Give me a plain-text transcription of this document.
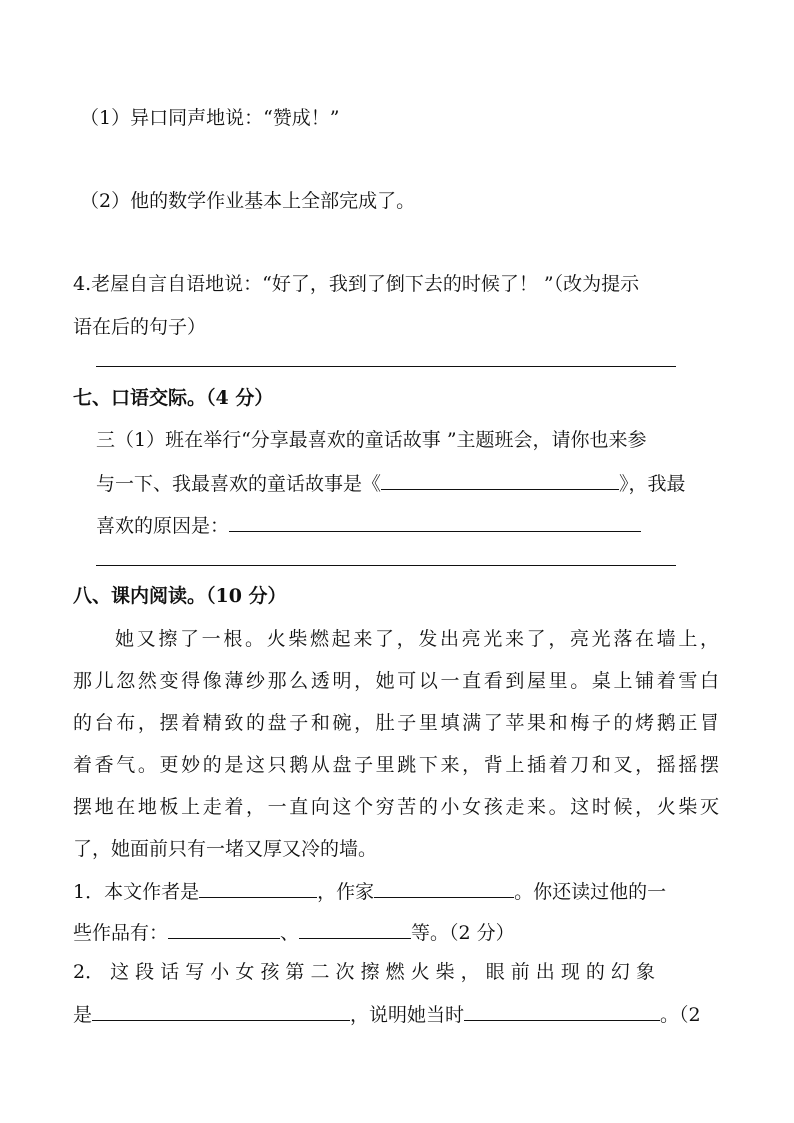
（1）异口同声地说：“赞成！”
（2）他的数学作业基本上全部完成了。
4.老屋自言自语地说：“好了，我到了倒下去的时候了！ ”（改为提示
语在后的句子）
七、口语交际。（4 分）
三（1）班在举行“分享最喜欢的童话故事 ”主题班会，请你也来参
与一下、我最喜欢的童话故事是《	》，我最
喜欢的原因是：
八、课内阅读。（10 分）
她又擦了一根。火柴燃起来了，发出亮光来了，亮光落在墙上，
那儿忽然变得像薄纱那么透明，她可以一直看到屋里。桌上铺着雪白
的台布，摆着精致的盘子和碗，肚子里填满了苹果和梅子的烤鹅正冒
着香气。更妙的是这只鹅从盘子里跳下来，背上插着刀和叉，摇摇摆
摆地在地板上走着，一直向这个穷苦的小女孩走来。这时候，火柴灭
了，她面前只有一堵又厚又冷的墙。
1．本文作者是	，作家	。你还读过他的一
些作品有：	、	等。（2 分）
2． 这 段 话 写 小 女 孩 第 二 次 擦 燃 火 柴 ， 眼 前 出 现 的 幻 象
是	，说明她当时	。（2
